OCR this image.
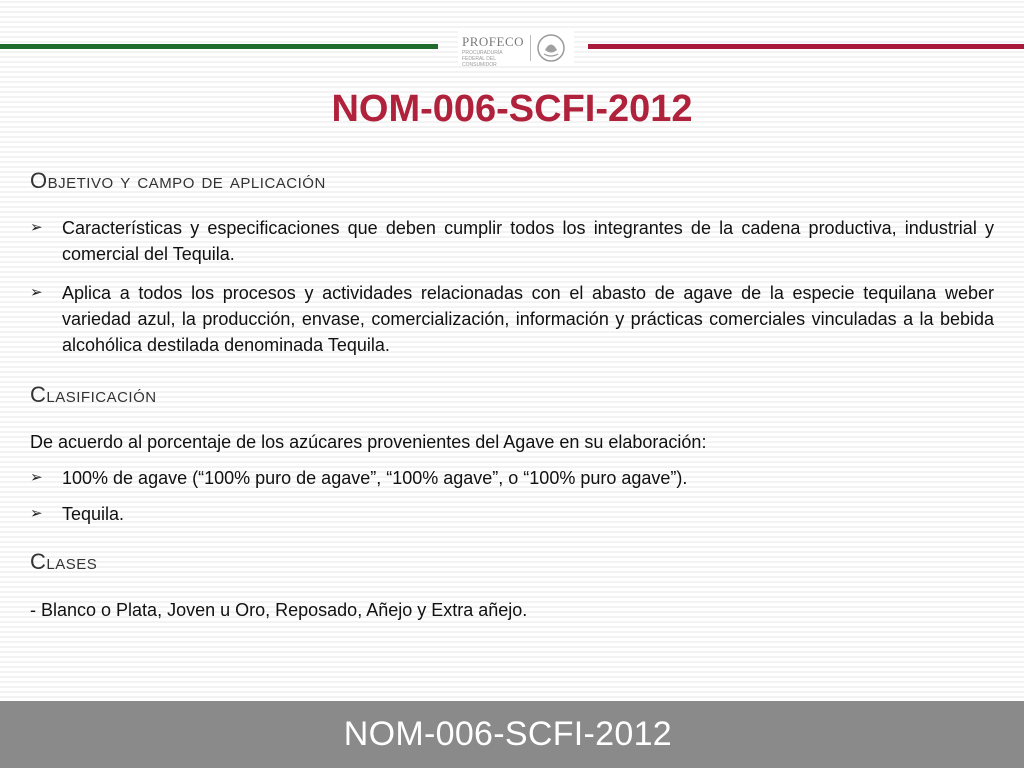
PROFECO
PROCURADURÍA FEDERAL DEL CONSUMIDOR
NOM-006-SCFI-2012
Objetivo y campo de aplicación
➢ Características y especificaciones que deben cumplir todos los integrantes de la cadena productiva, industrial y comercial del Tequila.
➢ Aplica a todos los procesos y actividades relacionadas con el abasto de agave de la especie tequilana weber variedad azul, la producción, envase, comercialización, información y prácticas comerciales vinculadas a la bebida alcohólica destilada denominada Tequila.
Clasificación
De acuerdo al porcentaje de los azúcares provenientes del Agave en su elaboración:
➢ 100% de agave (“100% puro de agave”, “100% agave”, o “100% puro agave”).
➢ Tequila.
Clases
- Blanco o Plata, Joven u Oro, Reposado, Añejo y Extra añejo.
NOM-006-SCFI-2012
